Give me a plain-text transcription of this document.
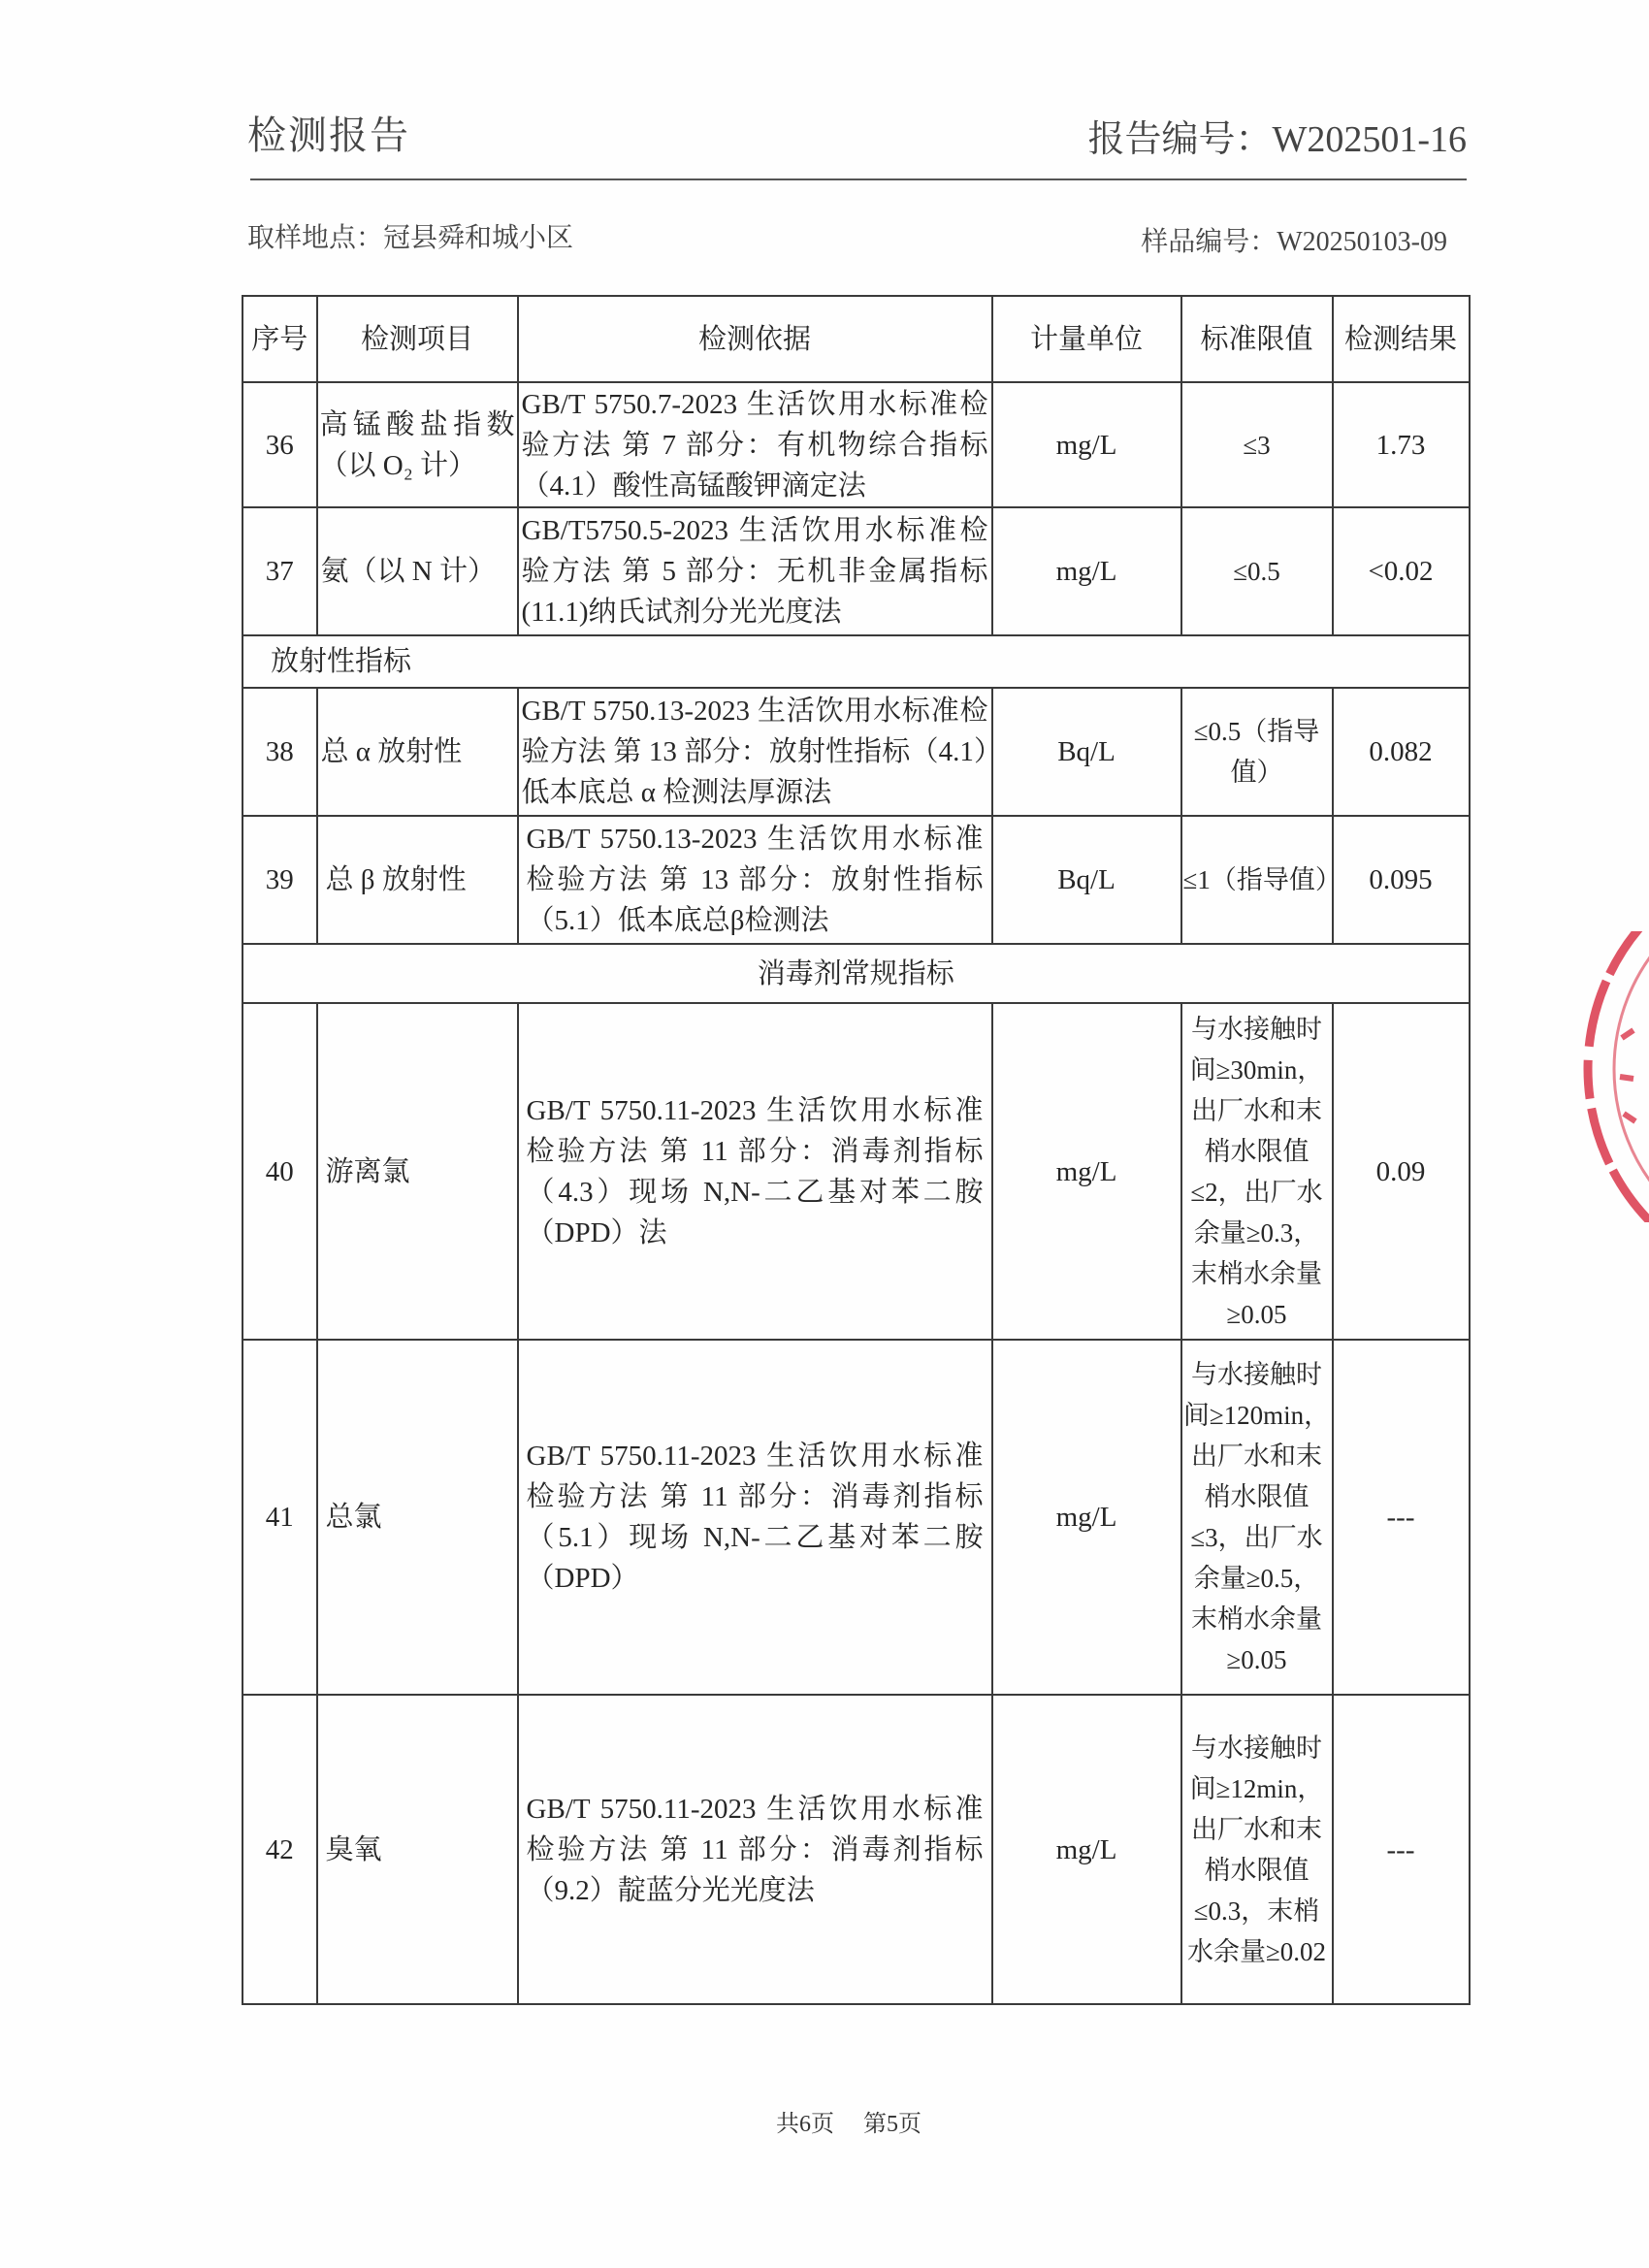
检测报告	报告编号：W202501-16
取样地点：冠县舜和城小区	样品编号：W20250103-09
序号	检测项目	检测依据	计量单位	标准限值	检测结果
36	高锰酸盐指数（以 O₂ 计）	GB/T 5750.7-2023 生活饮用水标准检验方法 第 7 部分：有机物综合指标（4.1）酸性高锰酸钾滴定法	mg/L	≤3	1.73
37	氨（以 N 计）	GB/T5750.5-2023 生活饮用水标准检验方法 第 5 部分：无机非金属指标(11.1)纳氏试剂分光光度法	mg/L	≤0.5	<0.02
放射性指标					
38	总 α 放射性	GB/T 5750.13-2023 生活饮用水标准检验方法 第 13 部分：放射性指标（4.1）低本底总 α 检测法厚源法	Bq/L	≤0.5（指导值）	0.082
39	总 β 放射性	GB/T 5750.13-2023 生活饮用水标准检验方法 第 13 部分：放射性指标（5.1）低本底总β检测法	Bq/L	≤1（指导值）	0.095
消毒剂常规指标					
40	游离氯	GB/T 5750.11-2023 生活饮用水标准检验方法 第 11 部分：消毒剂指标（4.3）现场 N,N-二乙基对苯二胺（DPD）法	mg/L	与水接触时间≥30min，出厂水和末梢水限值≤2，出厂水余量≥0.3，末梢水余量≥0.05	0.09
41	总氯	GB/T 5750.11-2023 生活饮用水标准检验方法 第 11 部分：消毒剂指标（5.1）现场 N,N-二乙基对苯二胺（DPD）	mg/L	与水接触时间≥120min，出厂水和末梢水限值≤3，出厂水余量≥0.5，末梢水余量≥0.05	---
42	臭氧	GB/T 5750.11-2023 生活饮用水标准检验方法 第 11 部分：消毒剂指标（9.2）靛蓝分光光度法	mg/L	与水接触时间≥12min，出厂水和末梢水限值≤0.3，末梢水余量≥0.02	---
共6页 第5页
